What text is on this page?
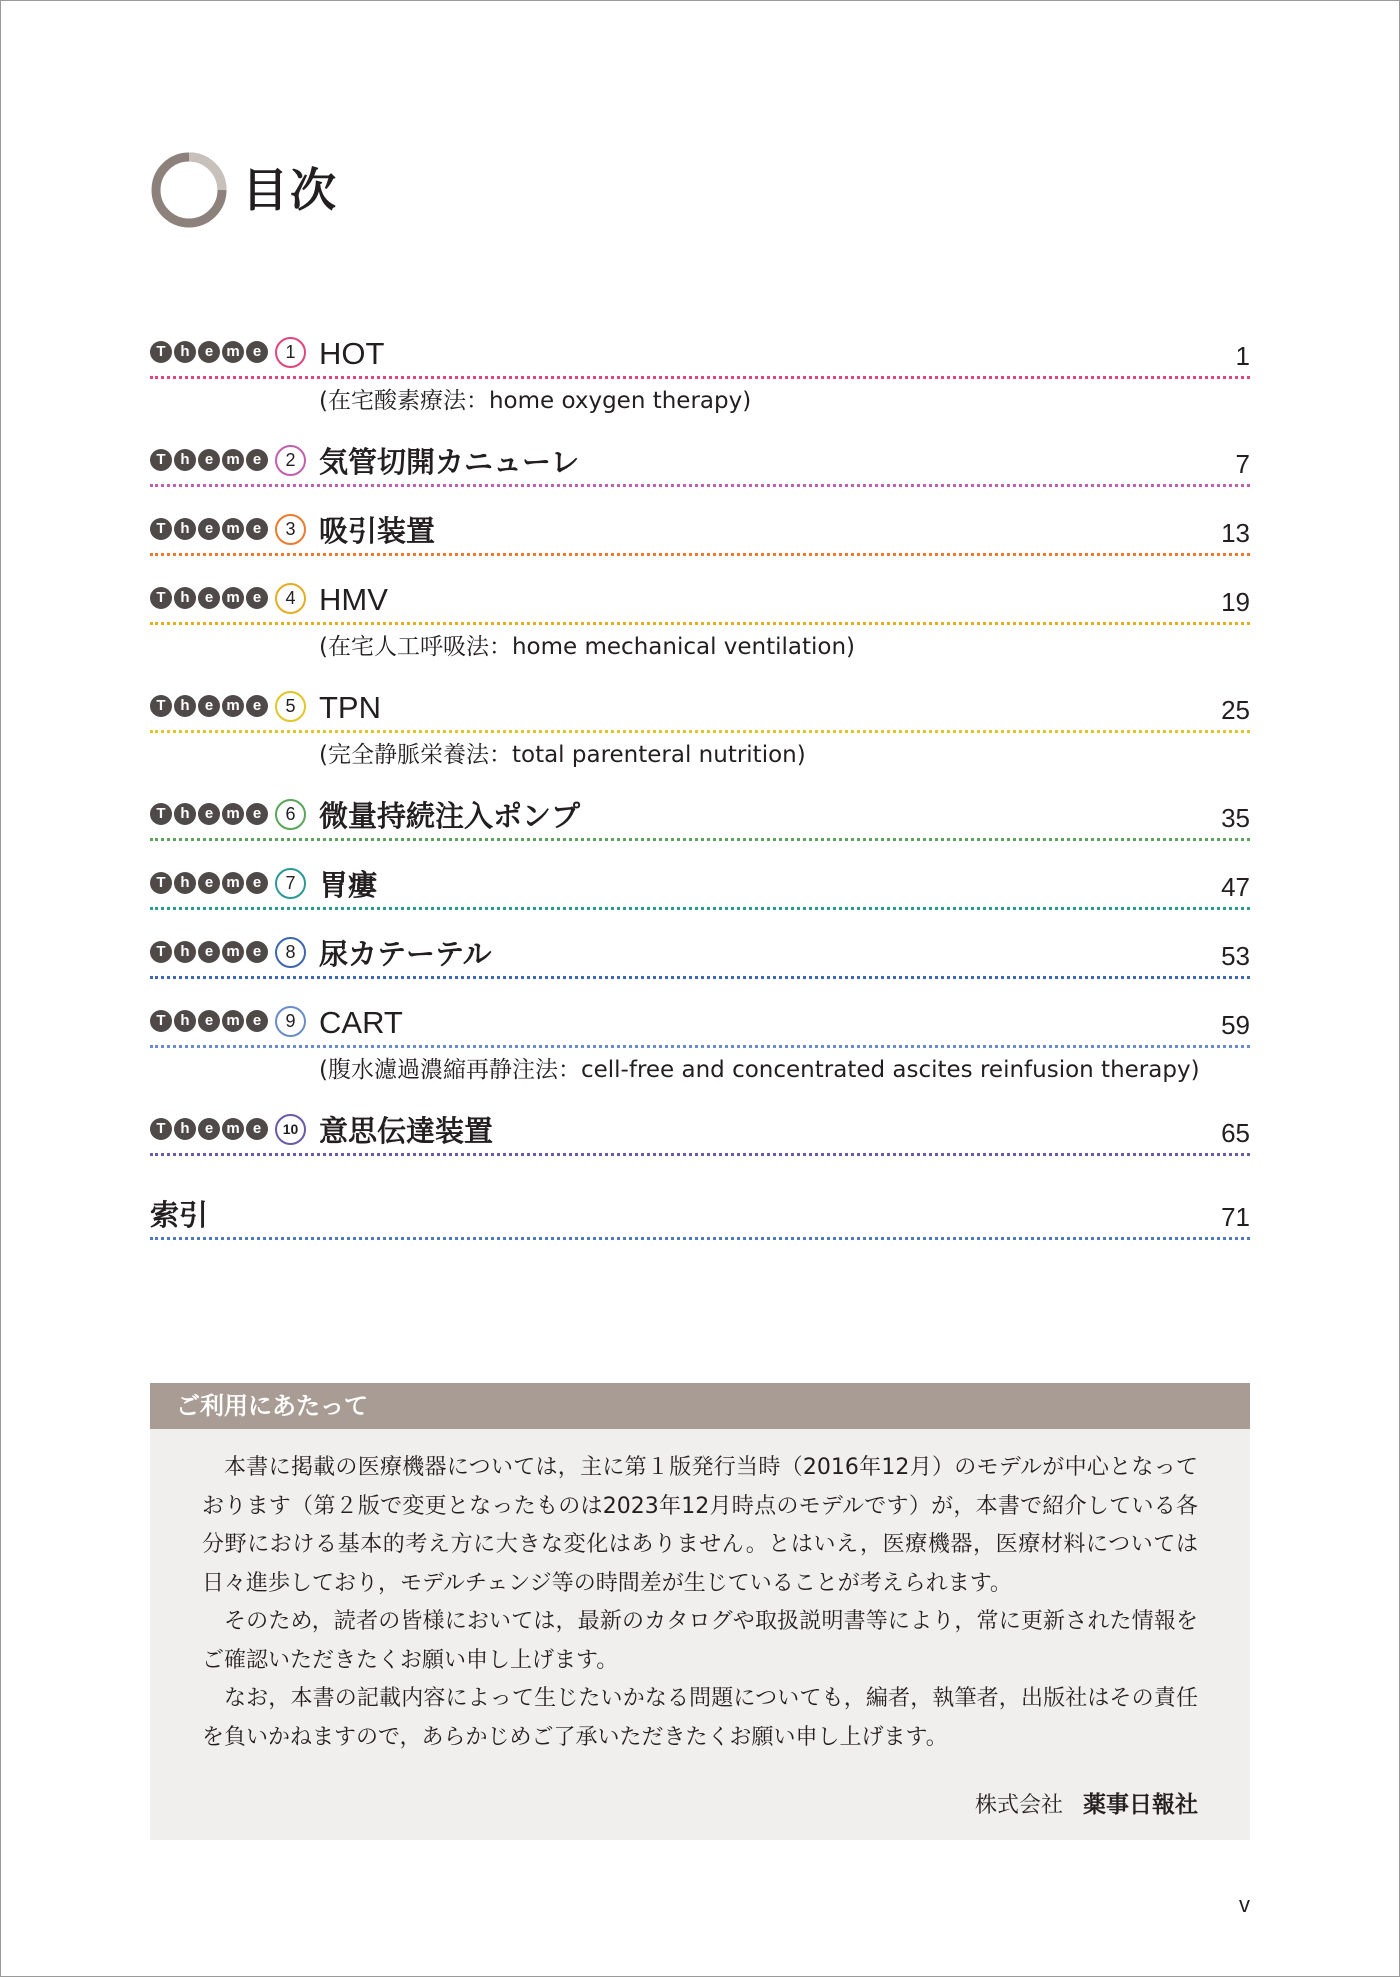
目次
T h	e m e	1 HOT	1
(在宅酸素療法：home oxygen therapy)
T h	e m e	2 気管切開カニューレ	7
T h	e m e	3 吸引装置	13
T h	e m e	4 HMV	19
(在宅人工呼吸法：home mechanical ventilation)
T h	e m e	5 TPN	25
(完全静脈栄養法：total parenteral nutrition)
T h	e m e	6 微量持続注入ポンプ	35
T h	e m e	7 胃瘻	47
T h	e m e	8 尿カテーテル	53
T h	e m e	9 CART	59
(腹水濾過濃縮再静注法：cell-free and concentrated ascites reinfusion therapy)
T h	e m e	10 意思伝達装置	65
索引	71
ご利用にあたって

本書に掲載の医療機器については，主に第１版発行当時（2016年12月）のモデルが中心となっております（第２版で変更となったものは2023年12月時点のモデルです）が，本書で紹介している各分野における基本的考え方に大きな変化はありません。とはいえ，医療機器，医療材料については日々進歩しており，モデルチェンジ等の時間差が生じていることが考えられます。

そのため，読者の皆様においては，最新のカタログや取扱説明書等により，常に更新された情報をご確認いただきたくお願い申し上げます。

なお，本書の記載内容によって生じたいかなる問題についても，編者，執筆者，出版社はその責任を負いかねますので，あらかじめご了承いただきたくお願い申し上げます。

株式会社 薬事日報社
v
